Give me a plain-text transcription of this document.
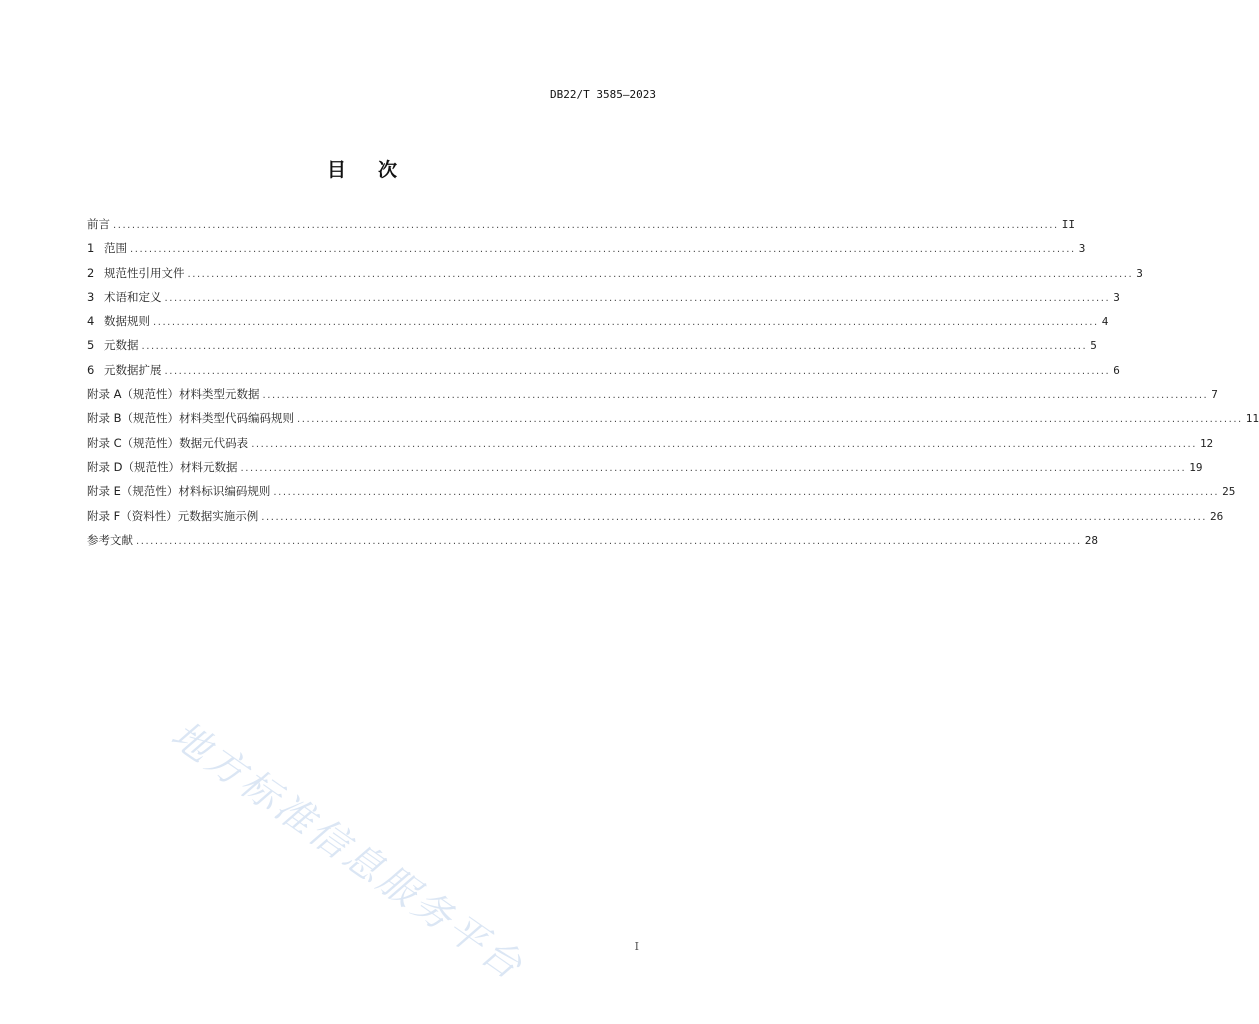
DB22/T 3585—2023
目 次
前言 ........................................................................................................................................................................................................ II
1 范围 ........................................................................................................................................................................................................ 3
2 规范性引用文件 ........................................................................................................................................................................................................ 3
3 术语和定义 ........................................................................................................................................................................................................ 3
4 数据规则 ........................................................................................................................................................................................................ 4
5 元数据 ........................................................................................................................................................................................................ 5
6 元数据扩展 ........................................................................................................................................................................................................ 6
附录 A（规范性） 材料类型元数据 ........................................................................................................................................................................................................ 7
附录 B（规范性） 材料类型代码编码规则 ........................................................................................................................................................................................................ 11
附录 C（规范性） 数据元代码表 ........................................................................................................................................................................................................ 12
附录 D（规范性） 材料元数据 ........................................................................................................................................................................................................ 19
附录 E（规范性） 材料标识编码规则 ........................................................................................................................................................................................................ 25
附录 F（资料性） 元数据实施示例 ........................................................................................................................................................................................................ 26
参考文献 ........................................................................................................................................................................................................ 28
地方标准信息服务平台	I
